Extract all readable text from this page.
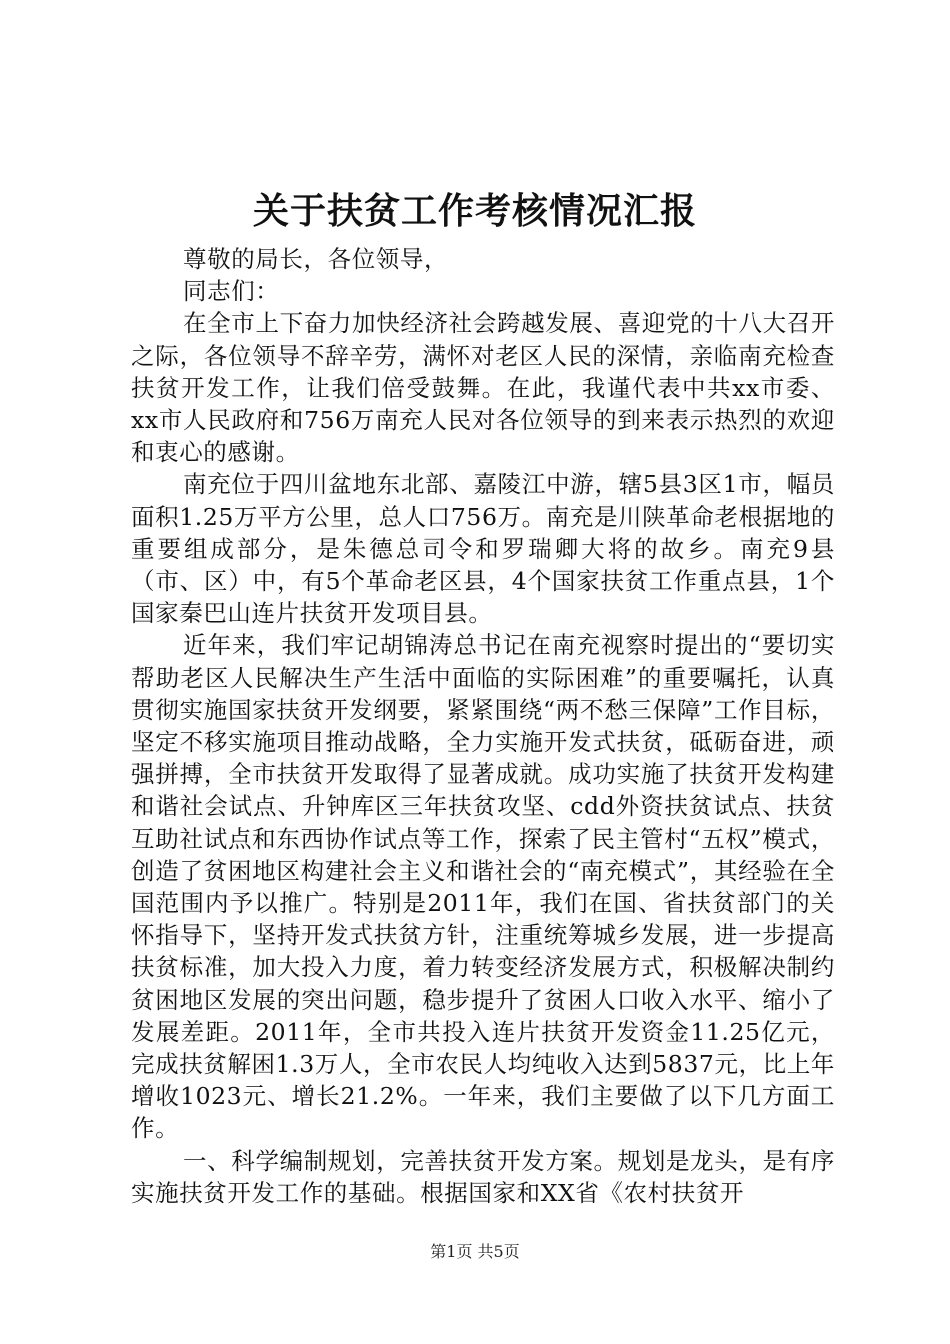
关于扶贫工作考核情况汇报

尊敬的局长，各位领导，

同志们：

在全市上下奋力加快经济社会跨越发展、喜迎党的十八大召开之际，各位领导不辞辛劳，满怀对老区人民的深情，亲临南充检查扶贫开发工作，让我们倍受鼓舞。在此，我谨代表中共xx市委、xx市人民政府和756万南充人民对各位领导的到来表示热烈的欢迎和衷心的感谢。

南充位于四川盆地东北部、嘉陵江中游，辖5县3区1市，幅员面积1.25万平方公里，总人口756万。南充是川陕革命老根据地的重要组成部分，是朱德总司令和罗瑞卿大将的故乡。南充9县（市、区）中，有5个革命老区县，4个国家扶贫工作重点县，1个国家秦巴山连片扶贫开发项目县。

近年来，我们牢记胡锦涛总书记在南充视察时提出的“要切实帮助老区人民解决生产生活中面临的实际困难”的重要嘱托，认真贯彻实施国家扶贫开发纲要，紧紧围绕“两不愁三保障”工作目标，坚定不移实施项目推动战略，全力实施开发式扶贫，砥砺奋进，顽强拼搏，全市扶贫开发取得了显著成就。成功实施了扶贫开发构建和谐社会试点、升钟库区三年扶贫攻坚、cdd外资扶贫试点、扶贫互助社试点和东西协作试点等工作，探索了民主管村“五权”模式，创造了贫困地区构建社会主义和谐社会的“南充模式”，其经验在全国范围内予以推广。特别是2011年，我们在国、省扶贫部门的关怀指导下，坚持开发式扶贫方针，注重统筹城乡发展，进一步提高扶贫标准，加大投入力度，着力转变经济发展方式，积极解决制约贫困地区发展的突出问题，稳步提升了贫困人口收入水平、缩小了发展差距。2011年，全市共投入连片扶贫开发资金11.25亿元，完成扶贫解困1.3万人，全市农民人均纯收入达到5837元，比上年增收1023元、增长21.2%。一年来，我们主要做了以下几方面工作。

一、科学编制规划，完善扶贫开发方案。规划是龙头，是有序实施扶贫开发工作的基础。根据国家和XX省《农村扶贫开

第1页 共5页
